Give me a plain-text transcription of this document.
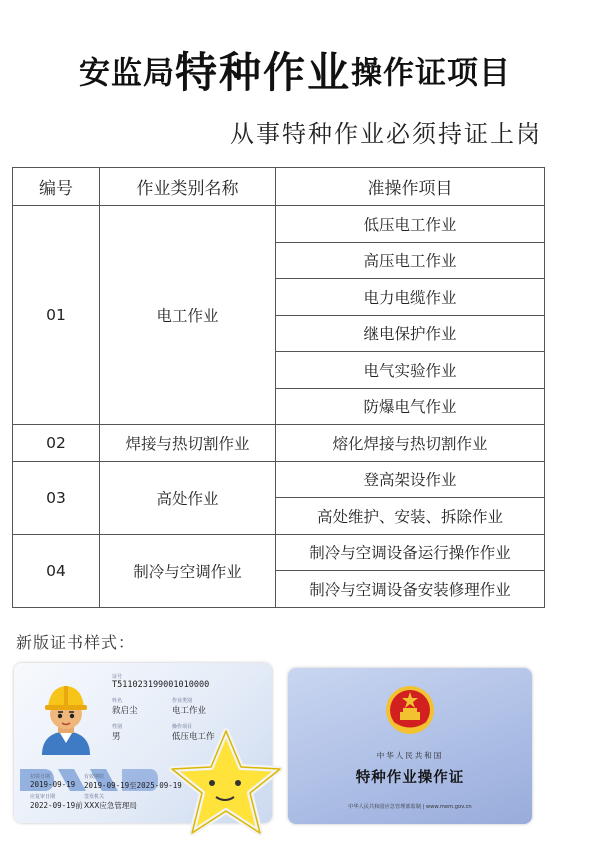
安监局特种作业操作证项目
从事特种作业必须持证上岗
编号	作业类别名称	准操作项目
01	电工作业	低压电工作业
		高压电工作业
		电力电缆作业
		继电保护作业
		电气实验作业
		防爆电气作业
02	焊接与热切割作业	熔化焊接与热切割作业
03	高处作业	登高架设作业
		高处维护、安装、拆除作业
04	制冷与空调作业	制冷与空调设备运行操作作业
		制冷与空调设备安装修理作业
新版证书样式：
证号
T511023199001010000
姓名
敘启尘
作业类别
电工作业
性别
男
操作项目
低压电工作
初领日期
2019-09-19
有效期限
2019-09-19至2025-09-19
应复审日期
2022-09-19前
签发机关
XXX应急管理局
中华人民共和国
特种作业操作证
中华人民共和国应急管理部监制 | www.mem.gov.cn
